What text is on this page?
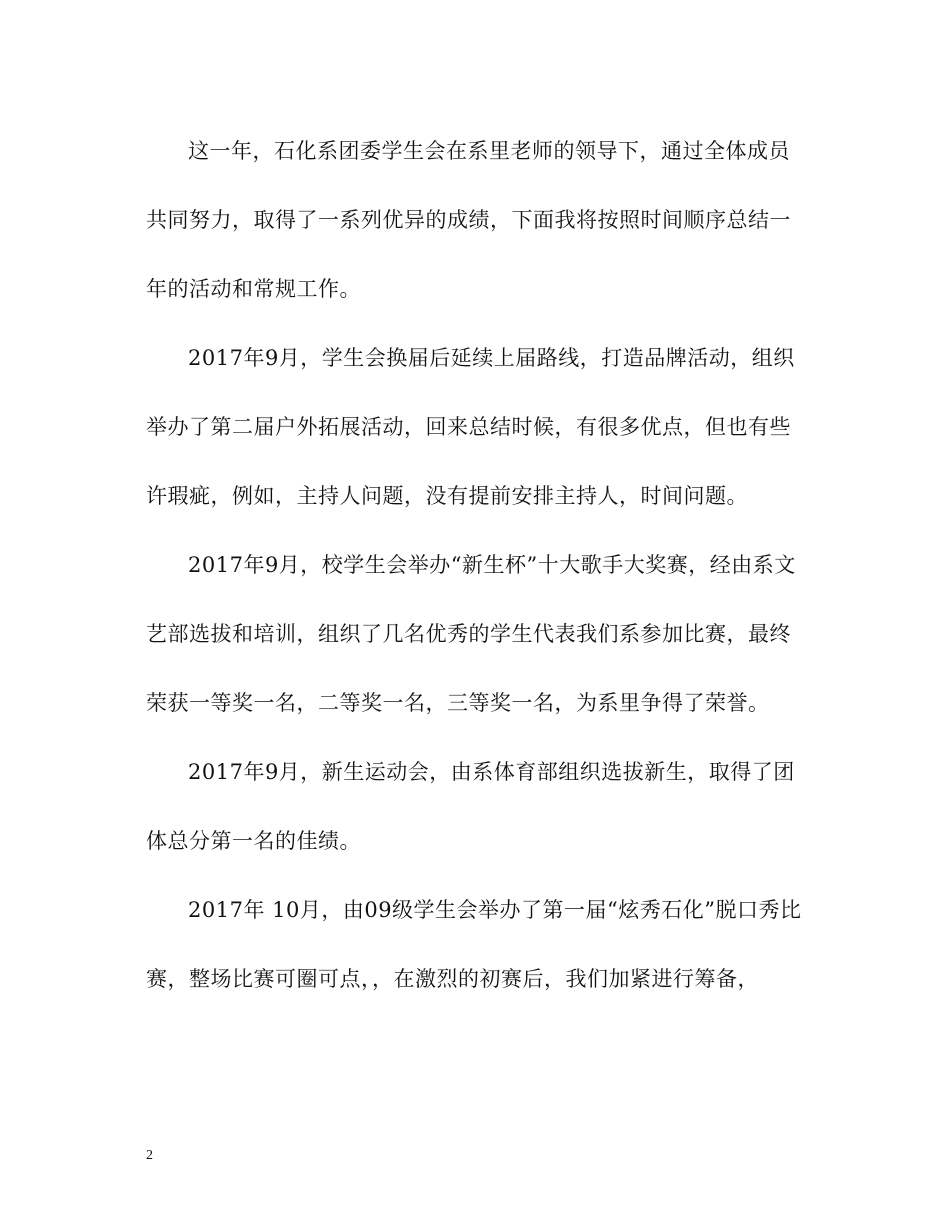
这一年，石化系团委学生会在系里老师的领导下，通过全体成员共同努力，取得了一系列优异的成绩，下面我将按照时间顺序总结一年的活动和常规工作。

2017年9月，学生会换届后延续上届路线，打造品牌活动，组织举办了第二届户外拓展活动，回来总结时候，有很多优点，但也有些许瑕疵，例如，主持人问题，没有提前安排主持人，时间问题。

2017年9月，校学生会举办“新生杯”十大歌手大奖赛，经由系文艺部选拔和培训，组织了几名优秀的学生代表我们系参加比赛，最终荣获一等奖一名，二等奖一名，三等奖一名，为系里争得了荣誉。

2017年9月，新生运动会，由系体育部组织选拔新生，取得了团体总分第一名的佳绩。

2017年 10月，由09级学生会举办了第一届“炫秀石化”脱口秀比赛，整场比赛可圈可点，，在激烈的初赛后，我们加紧进行筹备，

2
